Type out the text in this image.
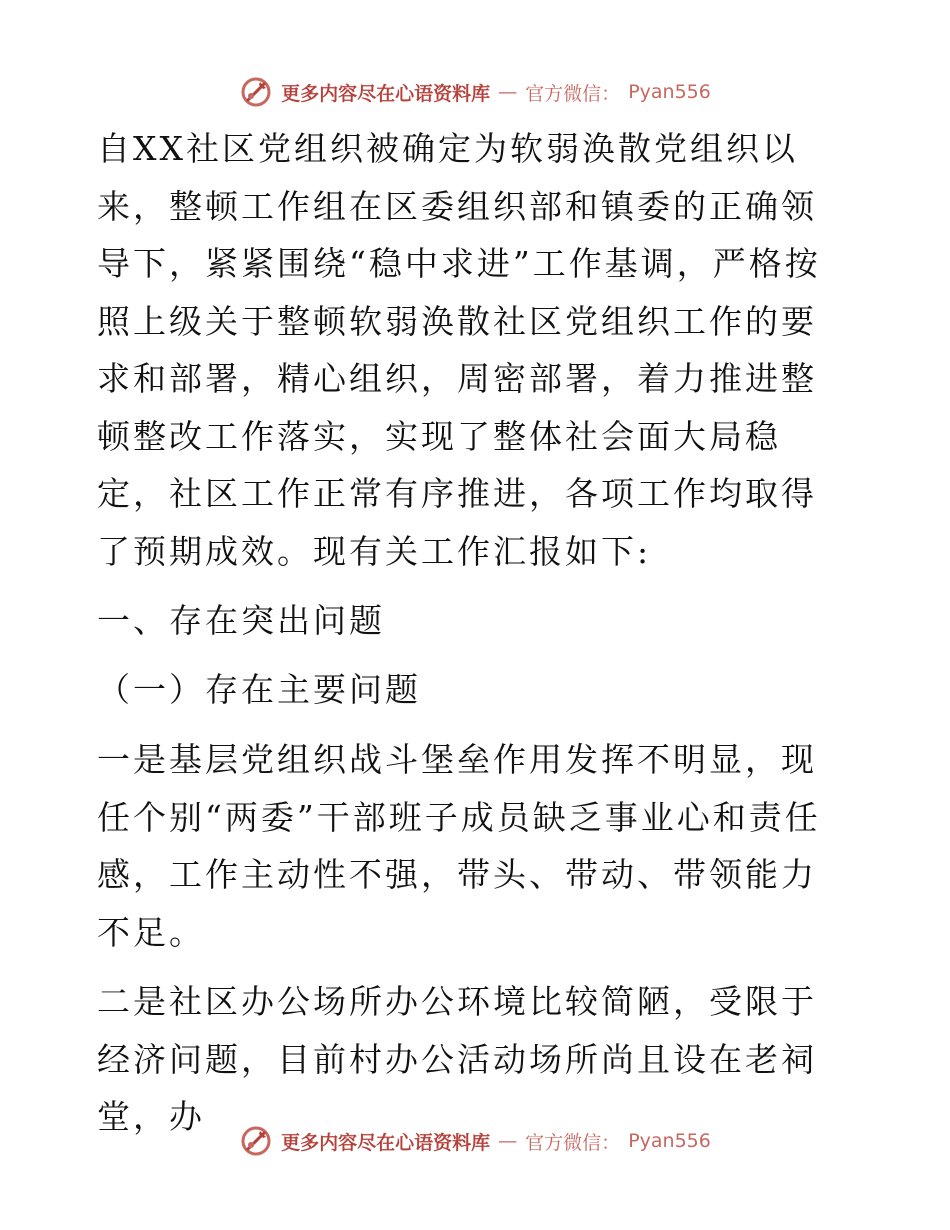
更多内容尽在心语资料库 — 官方微信： Pyan556

自XX社区党组织被确定为软弱涣散党组织以来，整顿工作组在区委组织部和镇委的正确领导下，紧紧围绕“稳中求进”工作基调，严格按照上级关于整顿软弱涣散社区党组织工作的要求和部署，精心组织，周密部署，着力推进整顿整改工作落实，实现了整体社会面大局稳定，社区工作正常有序推进，各项工作均取得了预期成效。现有关工作汇报如下:

一、存在突出问题

（一）存在主要问题

一是基层党组织战斗堡垒作用发挥不明显，现任个别“两委”干部班子成员缺乏事业心和责任感，工作主动性不强，带头、带动、带领能力不足。

二是社区办公场所办公环境比较简陋，受限于经济问题，目前村办公活动场所尚且设在老祠堂，办

更多内容尽在心语资料库 — 官方微信： Pyan556
